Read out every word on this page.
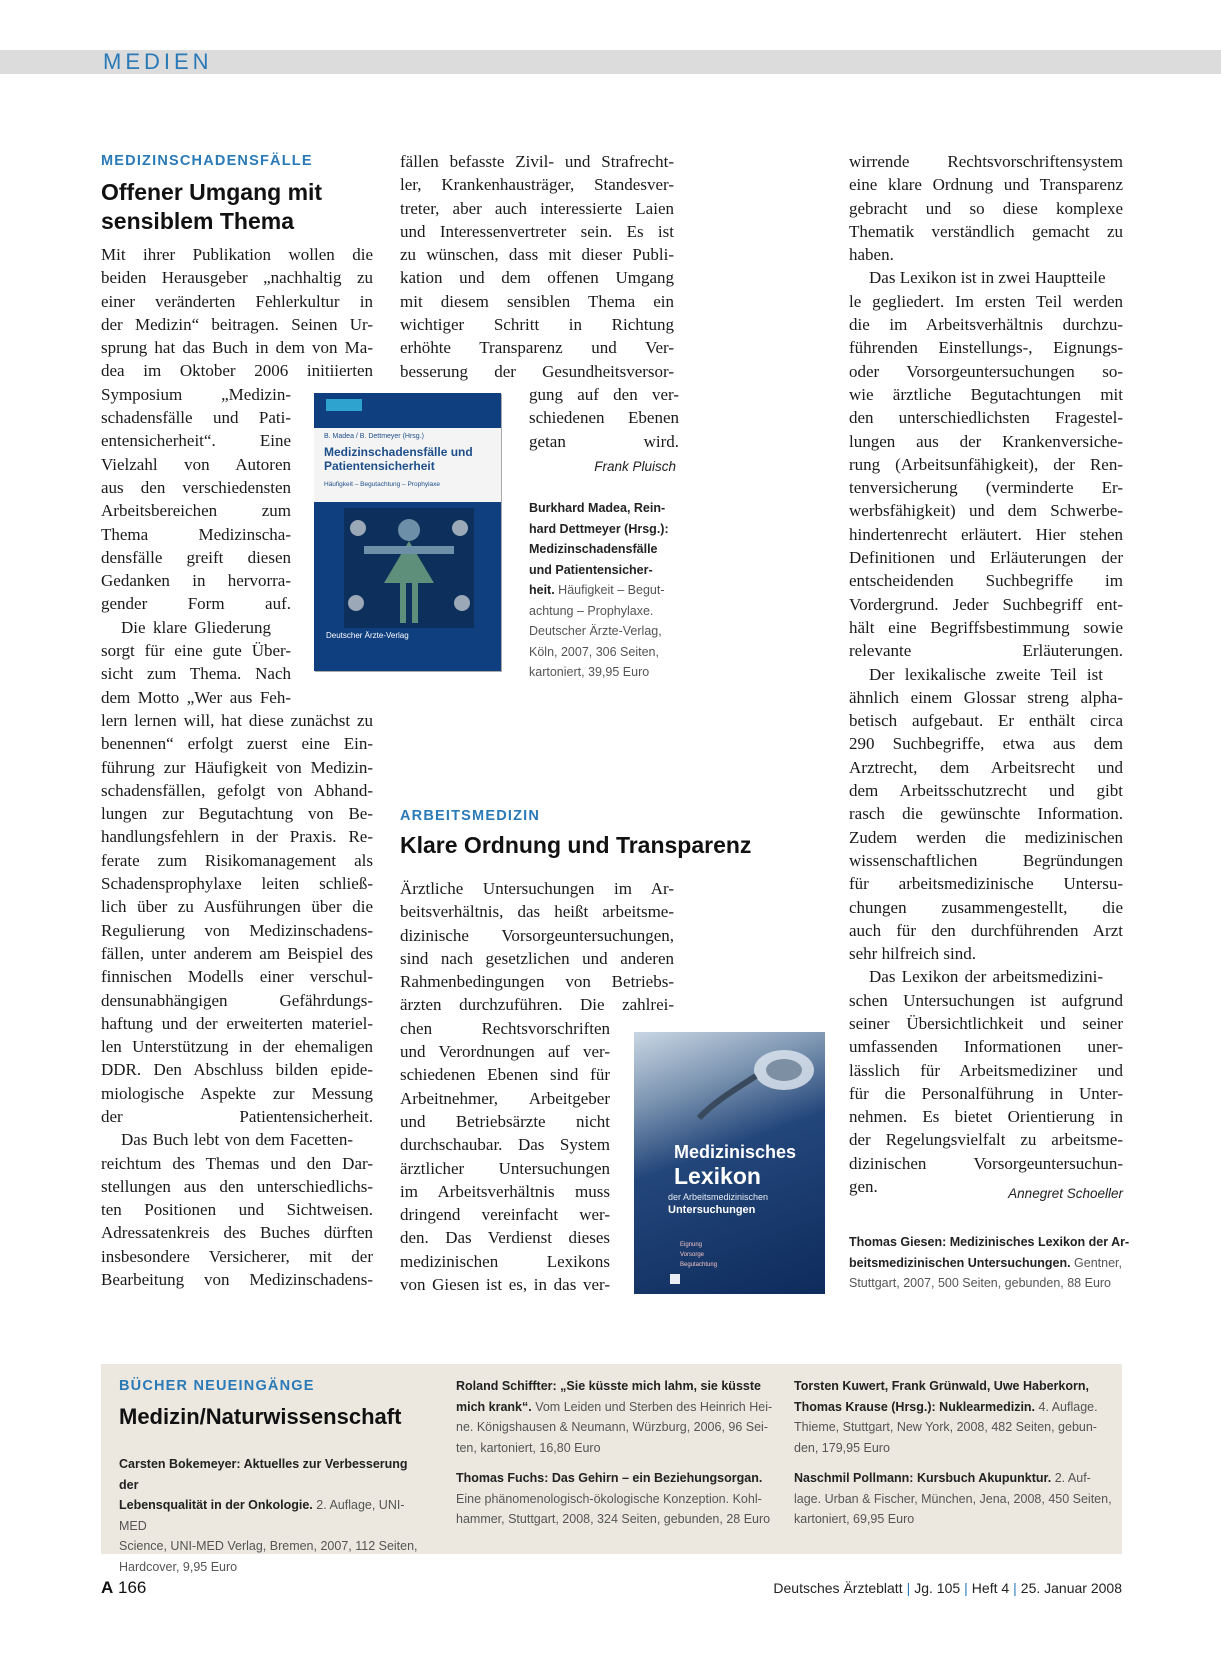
MEDIEN
MEDIZINSCHADENSFÄLLE
Offener Umgang mit
sensiblem Thema
Mit ihrer Publikation wollen die
beiden Herausgeber „nachhaltig zu
einer veränderten Fehlerkultur in
der Medizin“ beitragen. Seinen Ur-
sprung hat das Buch in dem von Ma-
dea im Oktober 2006 initiierten
Symposium „Medizin-
schadensfälle und Pati-
entensicherheit“. Eine
Vielzahl von Autoren
aus den verschiedensten
Arbeitsbereichen zum
Thema Medizinscha-
densfälle greift diesen
Gedanken in hervorra-
gender Form auf.
Die klare Gliederung
sorgt für eine gute Über-
sicht zum Thema. Nach
dem Motto „Wer aus Feh-
lern lernen will, hat diese zunächst zu
benennen“ erfolgt zuerst eine Ein-
führung zur Häufigkeit von Medizin-
schadensfällen, gefolgt von Abhand-
lungen zur Begutachtung von Be-
handlungsfehlern in der Praxis. Re-
ferate zum Risikomanagement als
Schadensprophylaxe leiten schließ-
lich über zu Ausführungen über die
Regulierung von Medizinschadens-
fällen, unter anderem am Beispiel des
finnischen Modells einer verschul-
densunabhängigen Gefährdungs-
haftung und der erweiterten materiel-
len Unterstützung in der ehemaligen
DDR. Den Abschluss bilden epide-
miologische Aspekte zur Messung
der Patientensicherheit.
Das Buch lebt von dem Facetten-
reichtum des Themas und den Dar-
stellungen aus den unterschiedlichs-
ten Positionen und Sichtweisen.
Adressatenkreis des Buches dürften
insbesondere Versicherer, mit der
Bearbeitung von Medizinschadens-
fällen befasste Zivil- und Strafrecht-
ler, Krankenhausträger, Standesver-
treter, aber auch interessierte Laien
und Interessenvertreter sein. Es ist
zu wünschen, dass mit dieser Publi-
kation und dem offenen Umgang
mit diesem sensiblen Thema ein
wichtiger Schritt in Richtung
erhöhte Transparenz und Ver-
besserung der Gesundheitsversor-
gung auf den ver-
schiedenen Ebenen
getan wird.
Frank Pluisch
B. Madea / B. Dettmeyer (Hrsg.)
Medizinschadensfälle und Patientensicherheit
Häufigkeit – Begutachtung – Prophylaxe
Deutscher Ärzte-Verlag
Burkhard Madea, Rein-
hard Dettmeyer (Hrsg.):
Medizinschadensfälle
und Patientensicher-
heit. Häufigkeit – Begut-
achtung – Prophylaxe.
Deutscher Ärzte-Verlag,
Köln, 2007, 306 Seiten,
kartoniert, 39,95 Euro
ARBEITSMEDIZIN
Klare Ordnung und Transparenz
Ärztliche Untersuchungen im Ar-
beitsverhältnis, das heißt arbeitsme-
dizinische Vorsorgeuntersuchungen,
sind nach gesetzlichen und anderen
Rahmenbedingungen von Betriebs-
ärzten durchzuführen. Die zahlrei-
chen Rechtsvorschriften
und Verordnungen auf ver-
schiedenen Ebenen sind für
Arbeitnehmer, Arbeitgeber
und Betriebsärzte nicht
durchschaubar. Das System
ärztlicher Untersuchungen
im Arbeitsverhältnis muss
dringend vereinfacht wer-
den. Das Verdienst dieses
medizinischen Lexikons
von Giesen ist es, in das ver-
wirrende Rechtsvorschriftensystem
eine klare Ordnung und Transparenz
gebracht und so diese komplexe
Thematik verständlich gemacht zu
haben.
Das Lexikon ist in zwei Hauptteile
le gegliedert. Im ersten Teil werden
die im Arbeitsverhältnis durchzu-
führenden Einstellungs-, Eignungs-
oder Vorsorgeuntersuchungen so-
wie ärztliche Begutachtungen mit
den unterschiedlichsten Fragestel-
lungen aus der Krankenversiche-
rung (Arbeitsunfähigkeit), der Ren-
tenversicherung (verminderte Er-
werbsfähigkeit) und dem Schwerbe-
hindertenrecht erläutert. Hier stehen
Definitionen und Erläuterungen der
entscheidenden Suchbegriffe im
Vordergrund. Jeder Suchbegriff ent-
hält eine Begriffsbestimmung sowie
relevante Erläuterungen.
Der lexikalische zweite Teil ist
ähnlich einem Glossar streng alpha-
betisch aufgebaut. Er enthält circa
290 Suchbegriffe, etwa aus dem
Arztrecht, dem Arbeitsrecht und
dem Arbeitsschutzrecht und gibt
rasch die gewünschte Information.
Zudem werden die medizinischen
wissenschaftlichen Begründungen
für arbeitsmedizinische Untersu-
chungen zusammengestellt, die
auch für den durchführenden Arzt
sehr hilfreich sind.
Das Lexikon der arbeitsmedizini-
schen Untersuchungen ist aufgrund
seiner Übersichtlichkeit und seiner
umfassenden Informationen uner-
lässlich für Arbeitsmediziner und
für die Personalführung in Unter-
nehmen. Es bietet Orientierung in
der Regelungsvielfalt zu arbeitsme-
dizinischen Vorsorgeuntersuchun-
gen.	Annegret Schoeller
Medizinisches
Lexikon
der Arbeitsmedizinischen
Untersuchungen
Eignung
Vorsorge
Begutachtung
Thomas Giesen: Medizinisches Lexikon der Ar-
beitsmedizinischen Untersuchungen. Gentner,
Stuttgart, 2007, 500 Seiten, gebunden, 88 Euro
BÜCHER NEUEINGÄNGE
Medizin/Naturwissenschaft
Carsten Bokemeyer: Aktuelles zur Verbesserung der
Lebensqualität in der Onkologie. 2. Auflage, UNI-MED
Science, UNI-MED Verlag, Bremen, 2007, 112 Seiten,
Hardcover, 9,95 Euro
Roland Schiffter: „Sie küsste mich lahm, sie küsste
mich krank“. Vom Leiden und Sterben des Heinrich Hei-
ne. Königshausen & Neumann, Würzburg, 2006, 96 Sei-
ten, kartoniert, 16,80 Euro

Thomas Fuchs: Das Gehirn – ein Beziehungsorgan.
Eine phänomenologisch-ökologische Konzeption. Kohl-
hammer, Stuttgart, 2008, 324 Seiten, gebunden, 28 Euro
Torsten Kuwert, Frank Grünwald, Uwe Haberkorn,
Thomas Krause (Hrsg.): Nuklearmedizin. 4. Auflage.
Thieme, Stuttgart, New York, 2008, 482 Seiten, gebun-
den, 179,95 Euro

Naschmil Pollmann: Kursbuch Akupunktur. 2. Auf-
lage. Urban & Fischer, München, Jena, 2008, 450 Seiten,
kartoniert, 69,95 Euro
A 166	Deutsches Ärzteblatt | Jg. 105 | Heft 4 | 25. Januar 2008
